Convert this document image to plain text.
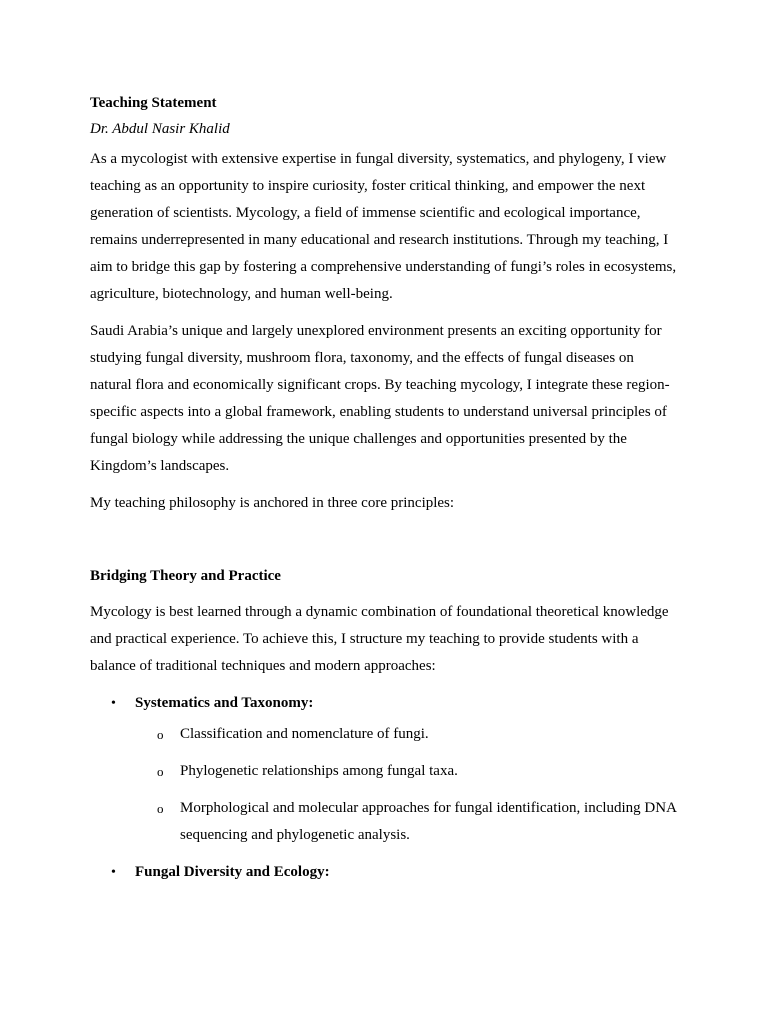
Teaching Statement
Dr. Abdul Nasir Khalid

As a mycologist with extensive expertise in fungal diversity, systematics, and phylogeny, I view teaching as an opportunity to inspire curiosity, foster critical thinking, and empower the next generation of scientists. Mycology, a field of immense scientific and ecological importance, remains underrepresented in many educational and research institutions. Through my teaching, I aim to bridge this gap by fostering a comprehensive understanding of fungi’s roles in ecosystems, agriculture, biotechnology, and human well-being.

Saudi Arabia’s unique and largely unexplored environment presents an exciting opportunity for studying fungal diversity, mushroom flora, taxonomy, and the effects of fungal diseases on natural flora and economically significant crops. By teaching mycology, I integrate these region-specific aspects into a global framework, enabling students to understand universal principles of fungal biology while addressing the unique challenges and opportunities presented by the Kingdom’s landscapes.

My teaching philosophy is anchored in three core principles:

Bridging Theory and Practice

Mycology is best learned through a dynamic combination of foundational theoretical knowledge and practical experience. To achieve this, I structure my teaching to provide students with a balance of traditional techniques and modern approaches:

• Systematics and Taxonomy:
o Classification and nomenclature of fungi.
o Phylogenetic relationships among fungal taxa.
o Morphological and molecular approaches for fungal identification, including DNA sequencing and phylogenetic analysis.
• Fungal Diversity and Ecology:
